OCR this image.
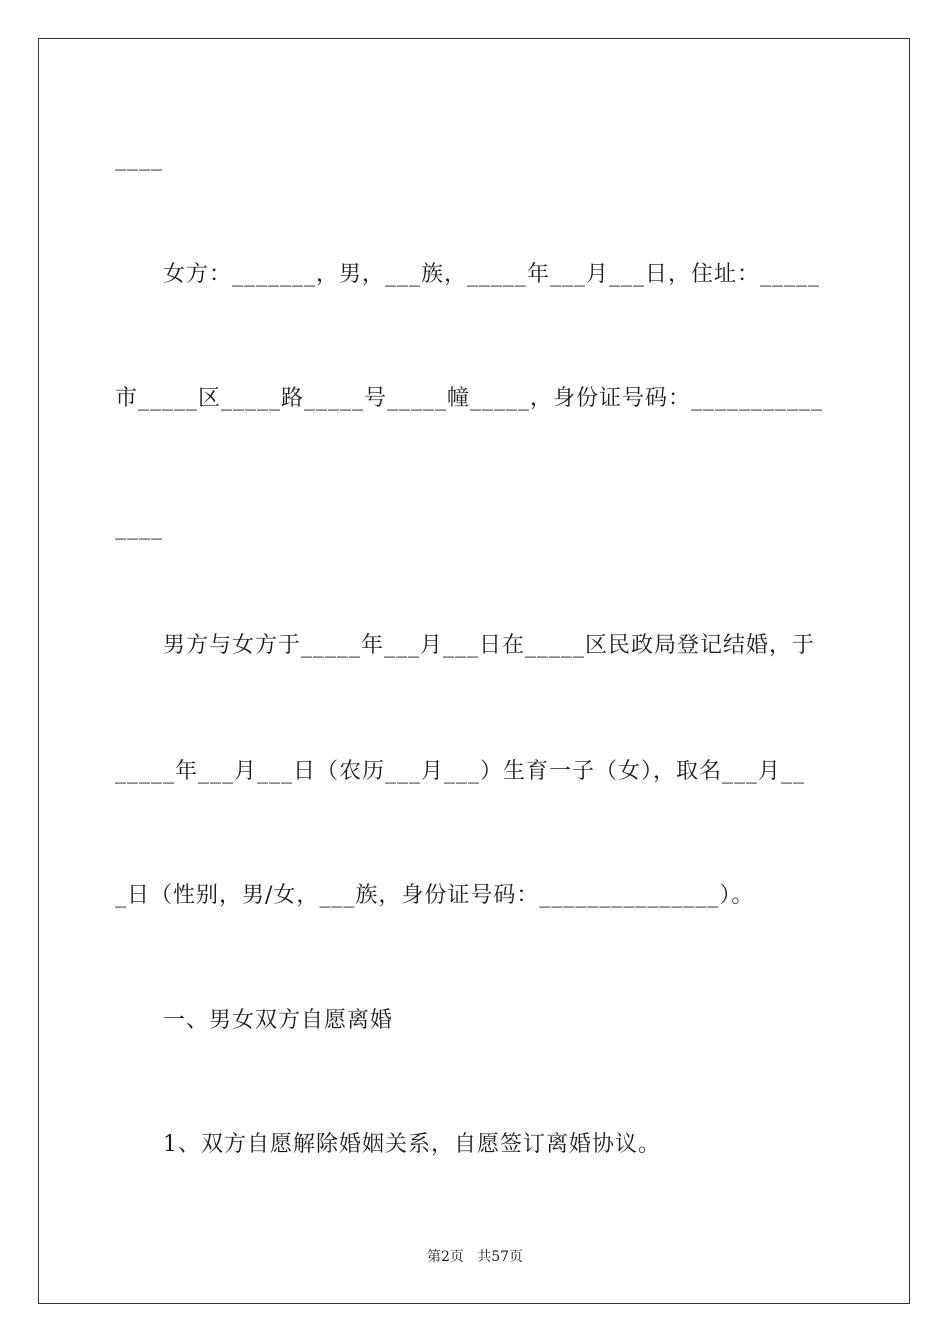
____
女方：_______，男，___族，_____年___月___日，住址：_____
市_____区_____路_____号_____幢_____，身份证号码：___________
____
男方与女方于_____年___月___日在_____区民政局登记结婚，于
_____年___月___日（农历___月___）生育一子（女），取名___月__
_日（性别，男/女，___族，身份证号码：_______________）。
一、男女双方自愿离婚
1、双方自愿解除婚姻关系，自愿签订离婚协议。
第2页   共57页
